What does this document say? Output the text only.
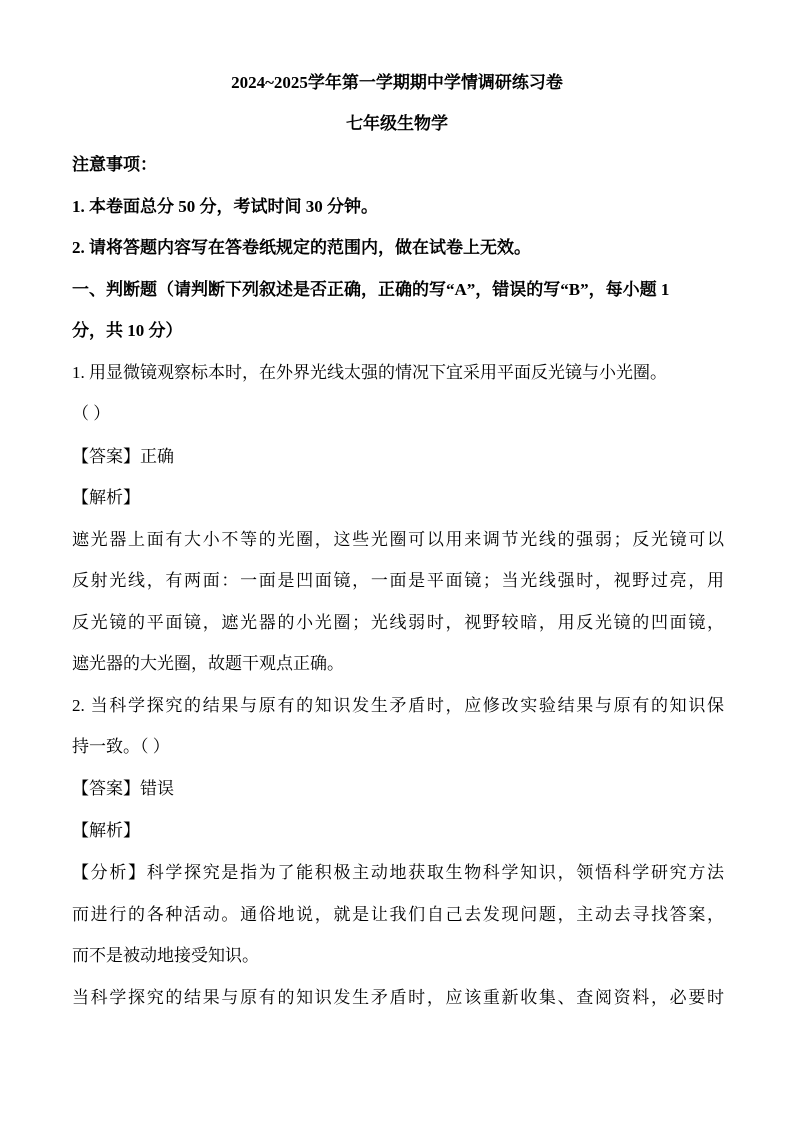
2024~2025学年第一学期期中学情调研练习卷
七年级生物学
注意事项：
1. 本卷面总分 50 分，考试时间 30 分钟。
2. 请将答题内容写在答卷纸规定的范围内，做在试卷上无效。
一、判断题（请判断下列叙述是否正确，正确的写“A”，错误的写“B”，每小题 1
分，共 10 分）
1. 用显微镜观察标本时，在外界光线太强的情况下宜采用平面反光镜与小光圈。
（ ）
【答案】正确
【解析】
遮光器上面有大小不等的光圈，这些光圈可以用来调节光线的强弱；反光镜可以
反射光线，有两面：一面是凹面镜，一面是平面镜；当光线强时，视野过亮，用
反光镜的平面镜，遮光器的小光圈；光线弱时，视野较暗，用反光镜的凹面镜，
遮光器的大光圈，故题干观点正确。
2. 当科学探究的结果与原有的知识发生矛盾时，应修改实验结果与原有的知识保
持一致。（ ）
【答案】错误
【解析】
【分析】科学探究是指为了能积极主动地获取生物科学知识，领悟科学研究方法
而进行的各种活动。通俗地说，就是让我们自己去发现问题，主动去寻找答案，
而不是被动地接受知识。
当科学探究的结果与原有的知识发生矛盾时，应该重新收集、查阅资料，必要时
